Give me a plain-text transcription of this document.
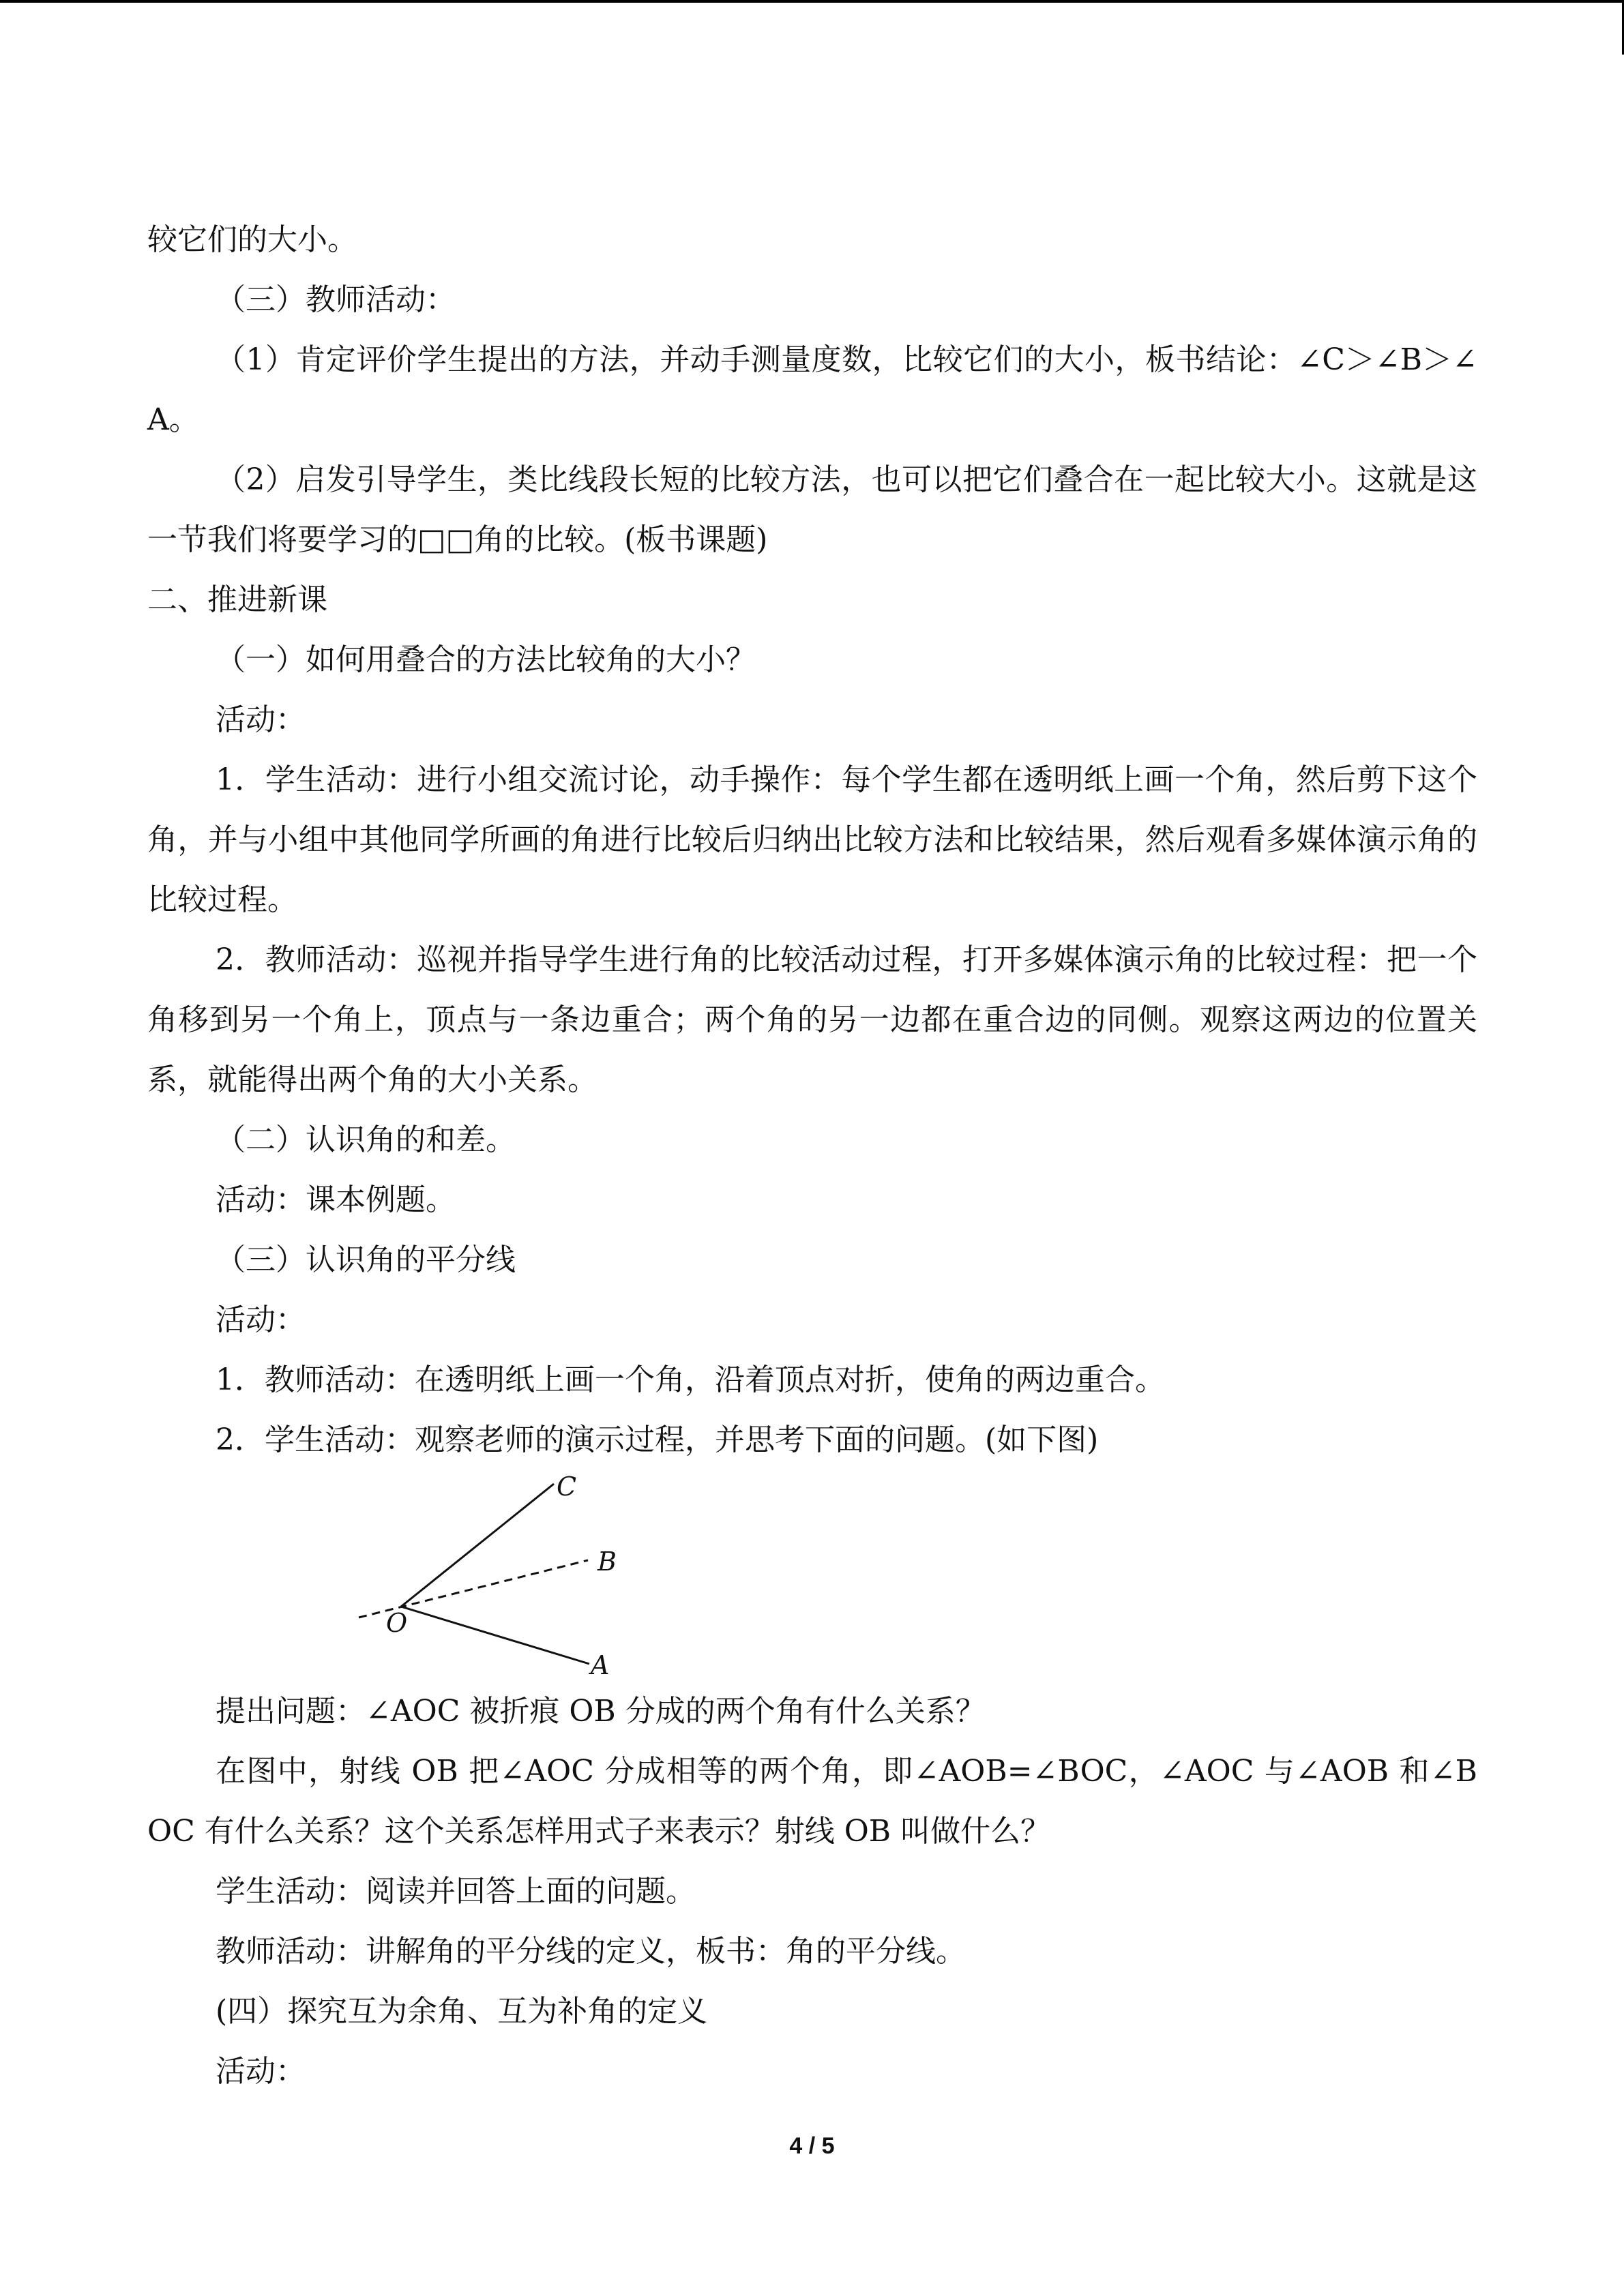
较它们的大小。

（三）教师活动：

（1）肯定评价学生提出的方法，并动手测量度数，比较它们的大小，板书结论：∠C＞∠B＞∠A。

（2）启发引导学生，类比线段长短的比较方法，也可以把它们叠合在一起比较大小。这就是这一节我们将要学习的□□角的比较。(板书课题)

二、推进新课

（一）如何用叠合的方法比较角的大小？

活动：

1．学生活动：进行小组交流讨论，动手操作：每个学生都在透明纸上画一个角，然后剪下这个角，并与小组中其他同学所画的角进行比较后归纳出比较方法和比较结果，然后观看多媒体演示角的比较过程。

2．教师活动：巡视并指导学生进行角的比较活动过程，打开多媒体演示角的比较过程：把一个角移到另一个角上，顶点与一条边重合；两个角的另一边都在重合边的同侧。观察这两边的位置关系，就能得出两个角的大小关系。

（二）认识角的和差。

活动：课本例题。

（三）认识角的平分线

活动：

1．教师活动：在透明纸上画一个角，沿着顶点对折，使角的两边重合。

2．学生活动：观察老师的演示过程，并思考下面的问题。(如下图)

C
B
O
A

提出问题：∠AOC 被折痕 OB 分成的两个角有什么关系？

在图中，射线 OB 把∠AOC 分成相等的两个角，即∠AOB=∠BOC，∠AOC 与∠AOB 和∠BOC 有什么关系？这个关系怎样用式子来表示？射线 OB 叫做什么？

学生活动：阅读并回答上面的问题。

教师活动：讲解角的平分线的定义，板书：角的平分线。

(四）探究互为余角、互为补角的定义

活动：

4 / 5
